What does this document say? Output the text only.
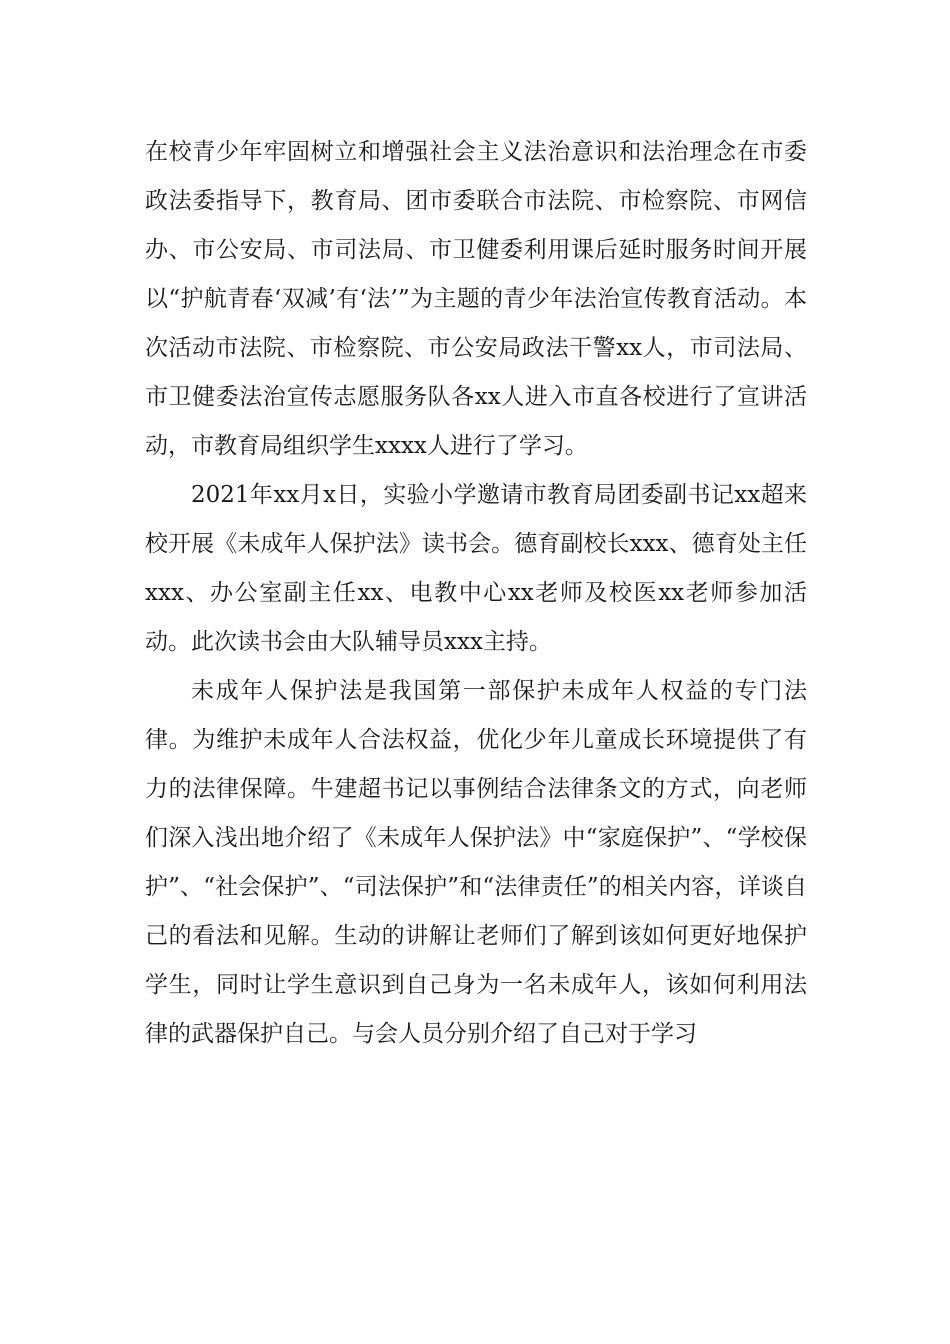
在校青少年牢固树立和增强社会主义法治意识和法治理念在市委政法委指导下，教育局、团市委联合市法院、市检察院、市网信办、市公安局、市司法局、市卫健委利用课后延时服务时间开展以“护航青春‘双减’有‘法’”为主题的青少年法治宣传教育活动。本次活动市法院、市检察院、市公安局政法干警xx人，市司法局、市卫健委法治宣传志愿服务队各xx人进入市直各校进行了宣讲活动，市教育局组织学生xxxx人进行了学习。

2021年xx月x日，实验小学邀请市教育局团委副书记xx超来校开展《未成年人保护法》读书会。德育副校长xxx、德育处主任xxx、办公室副主任xx、电教中心xx老师及校医xx老师参加活动。此次读书会由大队辅导员xxx主持。

未成年人保护法是我国第一部保护未成年人权益的专门法律。为维护未成年人合法权益，优化少年儿童成长环境提供了有力的法律保障。牛建超书记以事例结合法律条文的方式，向老师们深入浅出地介绍了《未成年人保护法》中“家庭保护”、“学校保护”、“社会保护”、“司法保护”和“法律责任”的相关内容，详谈自己的看法和见解。生动的讲解让老师们了解到该如何更好地保护学生，同时让学生意识到自己身为一名未成年人，该如何利用法律的武器保护自己。与会人员分别介绍了自己对于学习
